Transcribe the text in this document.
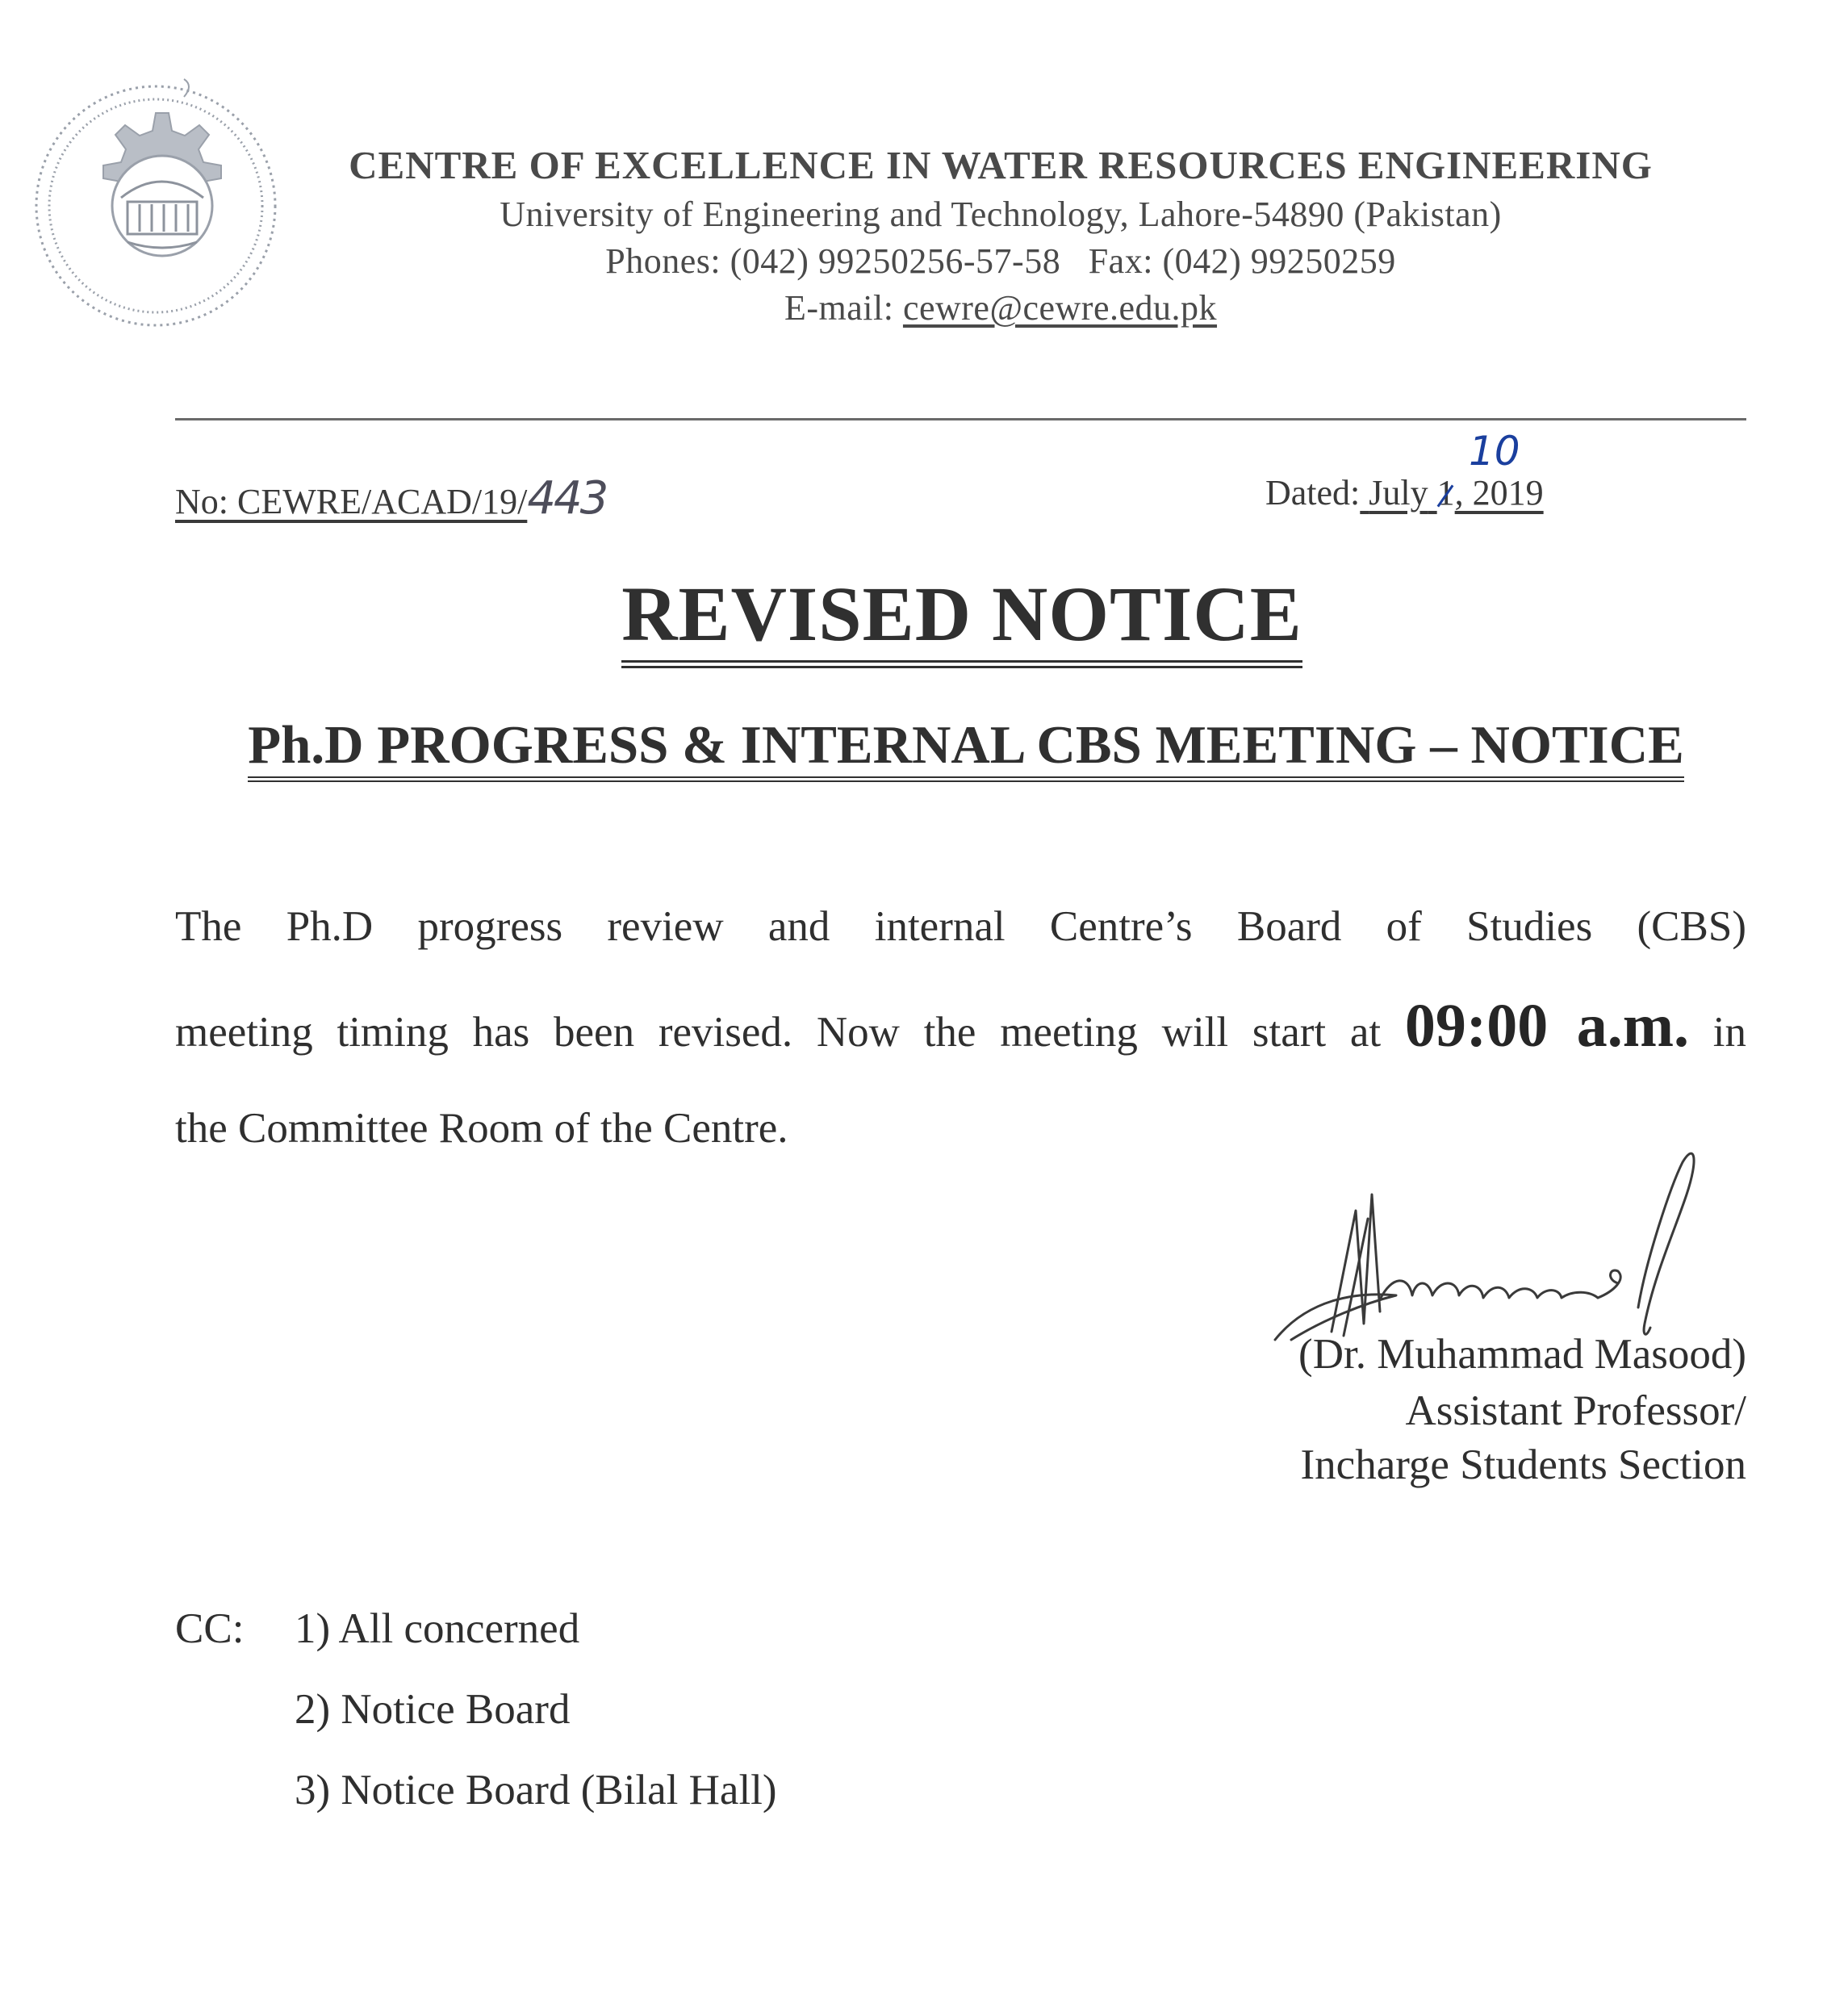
CENTRE OF EXCELLENCE IN WATER RESOURCES ENGINEERING
University of Engineering and Technology, Lahore-54890 (Pakistan)
Phones: (042) 99250256-57-58 Fax: (042) 99250259
E-mail: cewre@cewre.edu.pk
No: CEWRE/ACAD/19/443
10
Dated: July 1, 2019
REVISED NOTICE
Ph.D PROGRESS & INTERNAL CBS MEETING – NOTICE
The Ph.D progress review and internal Centre’s Board of Studies (CBS)
meeting timing has been revised. Now the meeting will start at 09:00 a.m. in
the Committee Room of the Centre.
(Dr. Muhammad Masood)
Assistant Professor/
Incharge Students Section
CC: 1) All concerned
2) Notice Board
3) Notice Board (Bilal Hall)
